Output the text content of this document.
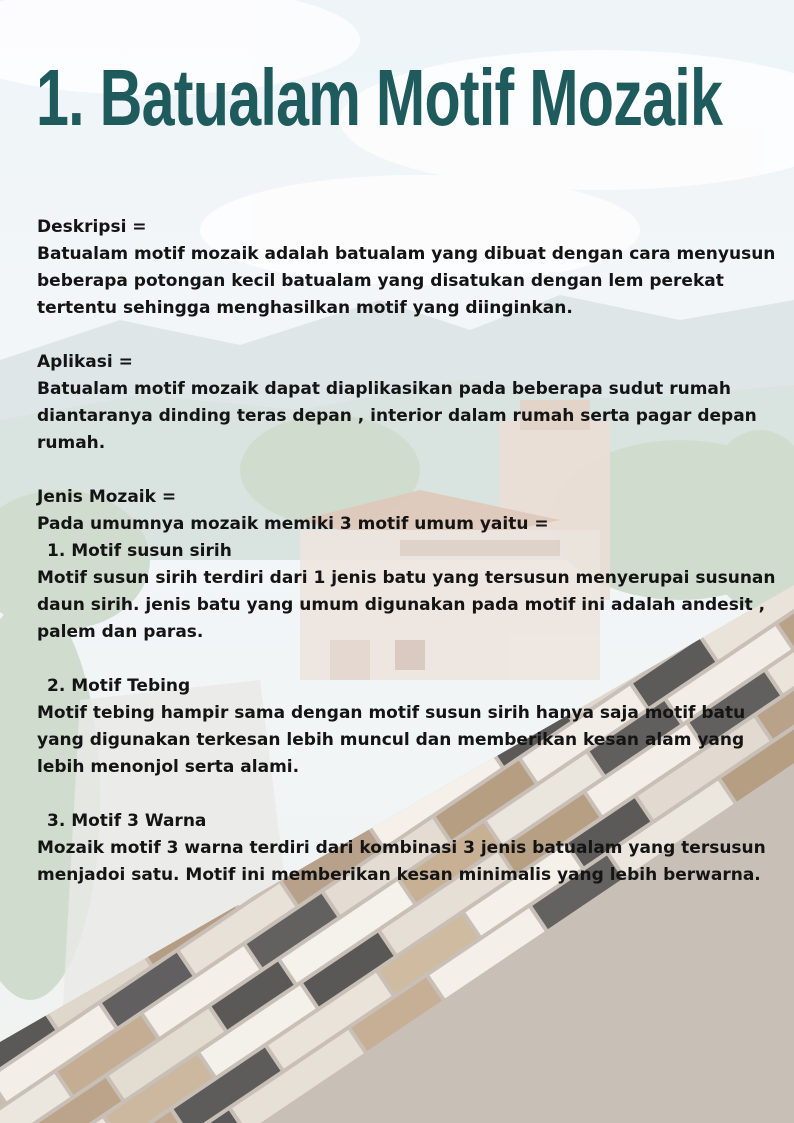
1. Batualam Motif Mozaik

Deskripsi =

Batualam motif mozaik adalah batualam yang dibuat dengan cara menyusun beberapa potongan kecil batualam yang disatukan dengan lem perekat tertentu sehingga menghasilkan motif yang diinginkan.

Aplikasi =

Batualam motif mozaik dapat diaplikasikan pada beberapa sudut rumah diantaranya dinding teras depan , interior dalam rumah serta pagar depan rumah.

Jenis Mozaik =

Pada umumnya mozaik memiki 3 motif umum yaitu =

1. Motif susun sirih

Motif susun sirih terdiri dari 1 jenis batu yang tersusun menyerupai susunan daun sirih. jenis batu yang umum digunakan pada motif ini adalah andesit , palem dan paras.

2. Motif Tebing

Motif tebing hampir sama dengan motif susun sirih hanya saja motif batu yang digunakan terkesan lebih muncul dan memberikan kesan alam yang lebih menonjol serta alami.

3. Motif 3 Warna

Mozaik motif 3 warna terdiri dari kombinasi 3 jenis batualam yang tersusun menjadoi satu. Motif ini memberikan kesan minimalis yang lebih berwarna.
